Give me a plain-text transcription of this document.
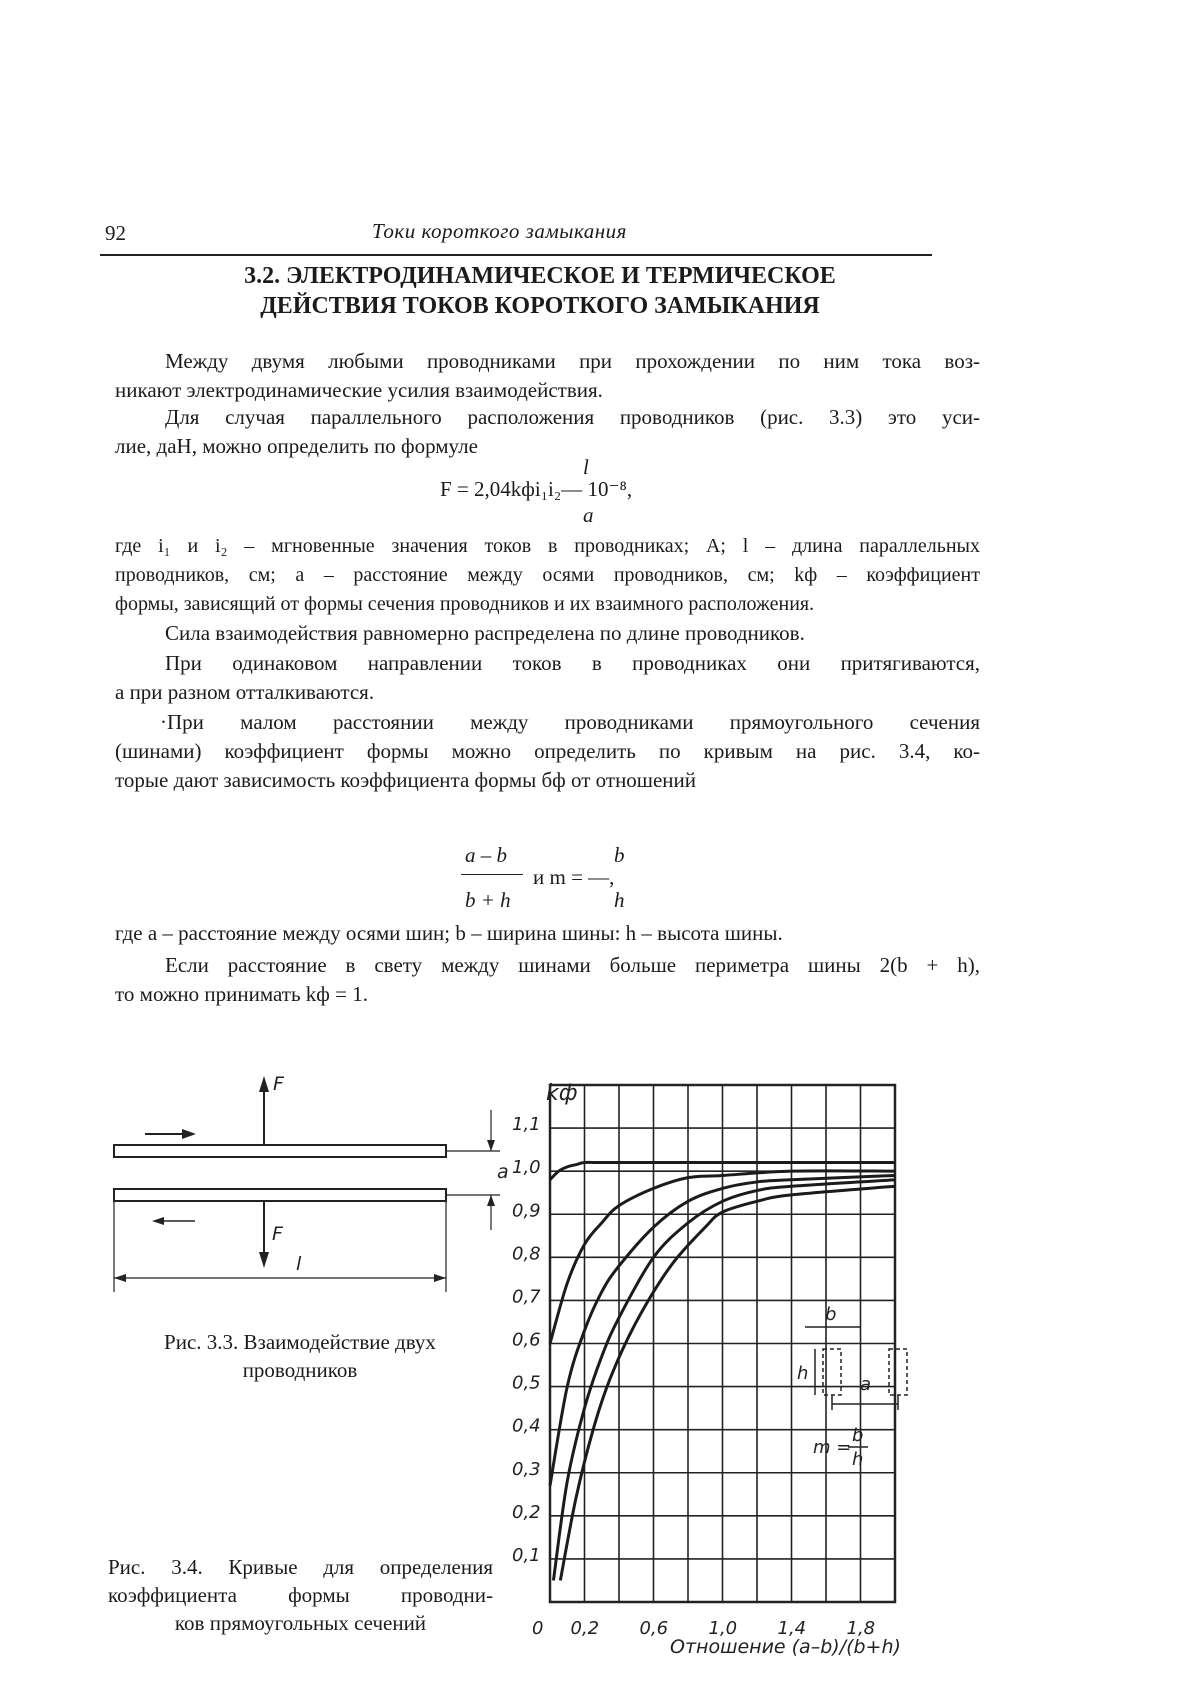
92	Токи короткого замыкания
3.2. ЭЛЕКТРОДИНАМИЧЕСКОЕ И ТЕРМИЧЕСКОЕ
ДЕЙСТВИЯ ТОКОВ КОРОТКОГО ЗАМЫКАНИЯ
Между двумя любыми проводниками при прохождении по ним тока воз-
никают электродинамические усилия взаимодействия.
Для случая параллельного расположения проводников (рис. 3.3) это уси-
лие, даН, можно определить по формуле
l
F = 2,04kфi₁i₂— 10⁻⁸,
a
где i₁ и i₂ – мгновенные значения токов в проводниках; А; l – длина параллельных
проводников, см; a – расстояние между осями проводников, см; kф – коэффициент
формы, зависящий от формы сечения проводников и их взаимного расположения.
Сила взаимодействия равномерно распределена по длине проводников.
При одинаковом направлении токов в проводниках они притягиваются,
а при разном отталкиваются.
·При малом расстоянии между проводниками прямоугольного сечения
(шинами) коэффициент формы можно определить по кривым на рис. 3.4, ко-
торые дают зависимость коэффициента формы бф от отношений
a – b
b + h
и m = —,
b
h
где a – расстояние между осями шин; b – ширина шины: h – высота шины.
Если расстояние в свету между шинами больше периметра шины 2(b + h),
то можно принимать kф = 1.
F
F
a
l
Рис. 3.3. Взаимодействие двух
проводников
Рис. 3.4. Кривые для определения
коэффициента формы проводни-
ков прямоугольных сечений
0,1
0,2
0,3
0,4
0,5
0,6
0,7
0,8
0,9
1,0
1,1
0 0,2 0,6 1,0 1,4 1,8
kф
Отношение (a–b)/(b+h)
b
h
a
m =
b
h
